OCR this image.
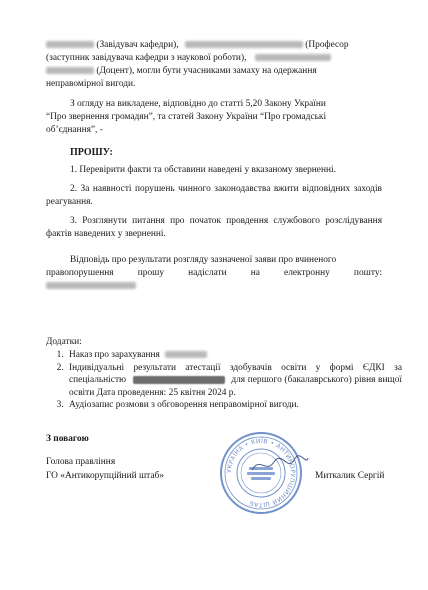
(Завідувач кафедри),	(Професор
(заступник завідувача кафедри з наукової роботи),
(Доцент), могли бути учасниками замаху на одержання
неправомірної вигоди.
З огляду на викладене, відповідно до статті 5,20 Закону України
“Про звернення громадян”, та статей Закону України “Про громадські
об’єднання”, -
ПРОШУ:

1. Перевірити факти та обставини наведені у вказаному зверненні.

2. За наявності порушень чинного законодавства вжити відповідних заходів реагування.

3. Розглянути питання про початок провдення службового розслідування фактів наведених у зверненні.

Відповідь про результати розгляду зазначеної заяви про вчиненого
правопорушення	прошу	надіслати	на	електронну	пошту:
Додатки:
1. Наказ про зарахування
2. Індивідуальні результати атестації здобувачів освіти у формі ЄДКІ за спеціальністю	для першого (бакалаврського) рівня вищої освіти Дата проведення: 25 квітня 2024 р.
3. Аудіозапис розмови з обговорення неправомірної вигоди.
З повагою
Голова правління
ГО «Антикорупційний штаб»	Миткалик Сергій
УКРАЇНА • КИЇВ • АНТИКОРУПЦІЙНИЙ ШТАБ
